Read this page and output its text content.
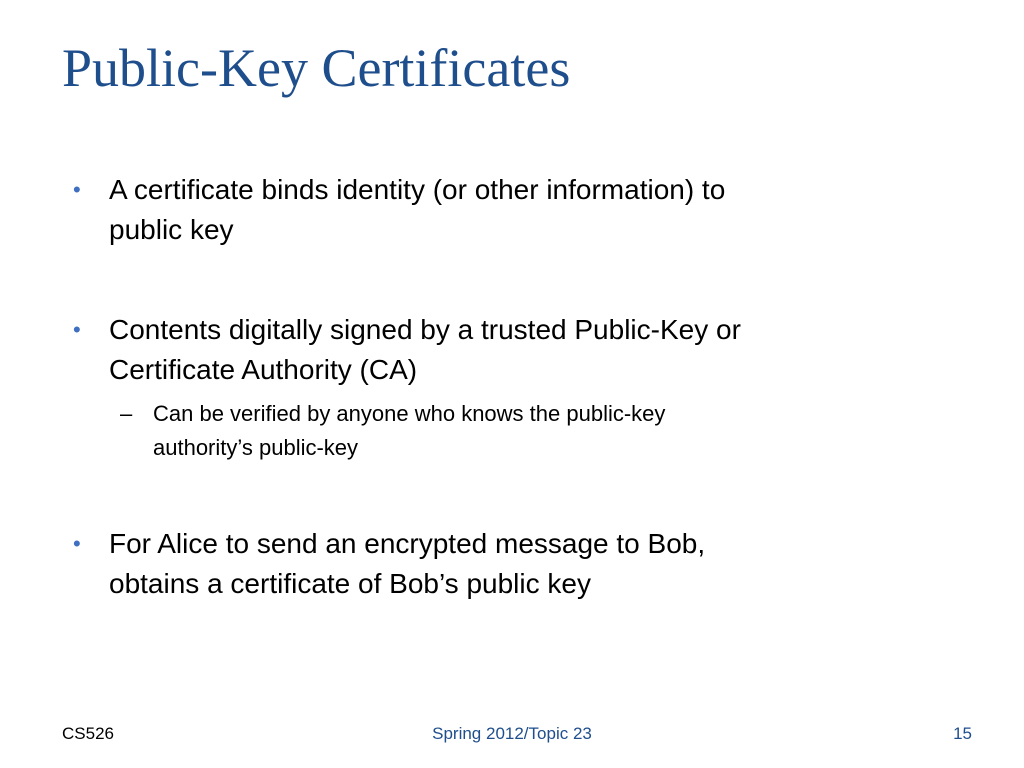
Public-Key Certificates
• A certificate binds identity (or other information) to
public key
• Contents digitally signed by a trusted Public-Key or
Certificate Authority (CA)
– Can be verified by anyone who knows the public-key
authority’s public-key
• For Alice to send an encrypted message to Bob,
obtains a certificate of Bob’s public key
CS526	Spring 2012/Topic 23	15
